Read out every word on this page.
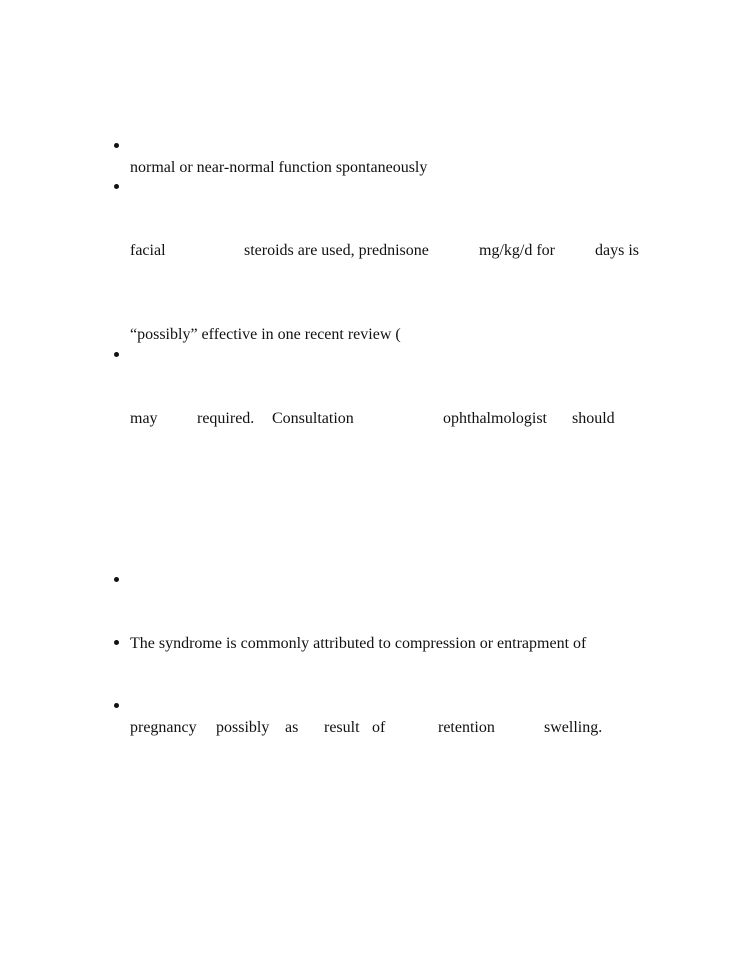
normal or near-normal function spontaneously
facial	steroids are used, prednisone	mg/kg/d for	days is
“possibly” effective in one recent review (
may required. Consultation	ophthalmologist should
The syndrome is commonly attributed to compression or entrapment of
pregnancy possibly as result of	retention	swelling.
